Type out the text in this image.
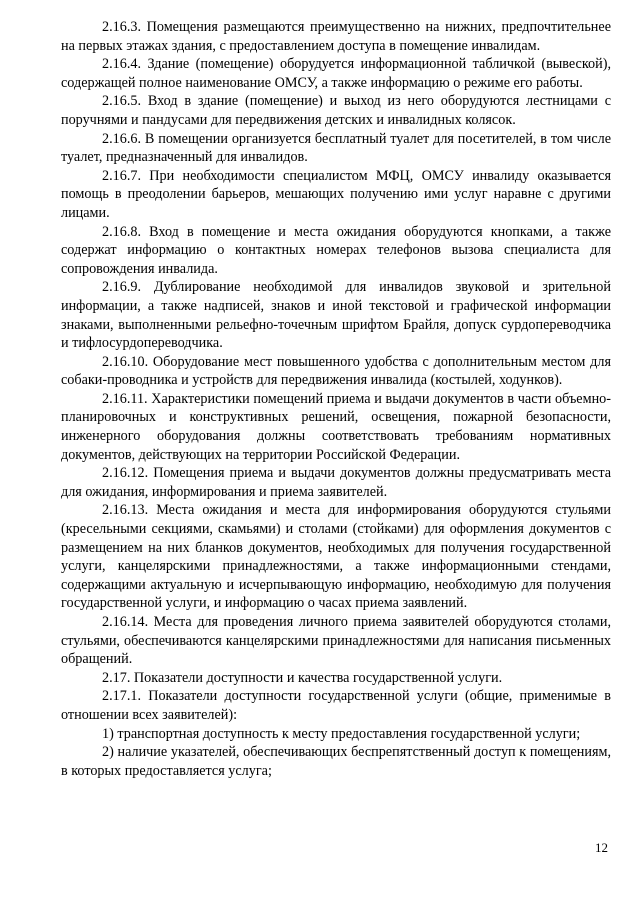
2.16.3. Помещения размещаются преимущественно на нижних, предпочтительнее на первых этажах здания, с предоставлением доступа в помещение инвалидам.

2.16.4. Здание (помещение) оборудуется информационной табличкой (вывеской), содержащей полное наименование ОМСУ, а также информацию о режиме его работы.

2.16.5. Вход в здание (помещение) и выход из него оборудуются лестницами с поручнями и пандусами для передвижения детских и инвалидных колясок.

2.16.6. В помещении организуется бесплатный туалет для посетителей, в том числе туалет, предназначенный для инвалидов.

2.16.7. При необходимости специалистом МФЦ, ОМСУ инвалиду оказывается помощь в преодолении барьеров, мешающих получению ими услуг наравне с другими лицами.

2.16.8. Вход в помещение и места ожидания оборудуются кнопками, а также содержат информацию о контактных номерах телефонов вызова специалиста для сопровождения инвалида.

2.16.9. Дублирование необходимой для инвалидов звуковой и зрительной информации, а также надписей, знаков и иной текстовой и графической информации знаками, выполненными рельефно-точечным шрифтом Брайля, допуск сурдопереводчика и тифлосурдопереводчика.

2.16.10. Оборудование мест повышенного удобства с дополнительным местом для собаки-проводника и устройств для передвижения инвалида (костылей, ходунков).

2.16.11. Характеристики помещений приема и выдачи документов в части объемно-планировочных и конструктивных решений, освещения, пожарной безопасности, инженерного оборудования должны соответствовать требованиям нормативных документов, действующих на территории Российской Федерации.

2.16.12. Помещения приема и выдачи документов должны предусматривать места для ожидания, информирования и приема заявителей.

2.16.13. Места ожидания и места для информирования оборудуются стульями (кресельными секциями, скамьями) и столами (стойками) для оформления документов с размещением на них бланков документов, необходимых для получения государственной услуги, канцелярскими принадлежностями, а также информационными стендами, содержащими актуальную и исчерпывающую информацию, необходимую для получения государственной услуги, и информацию о часах приема заявлений.

2.16.14. Места для проведения личного приема заявителей оборудуются столами, стульями, обеспечиваются канцелярскими принадлежностями для написания письменных обращений.

2.17. Показатели доступности и качества государственной услуги.

2.17.1. Показатели доступности государственной услуги (общие, применимые в отношении всех заявителей):

1) транспортная доступность к месту предоставления государственной услуги;
2) наличие указателей, обеспечивающих беспрепятственный доступ к помещениям, в которых предоставляется услуга;
12
